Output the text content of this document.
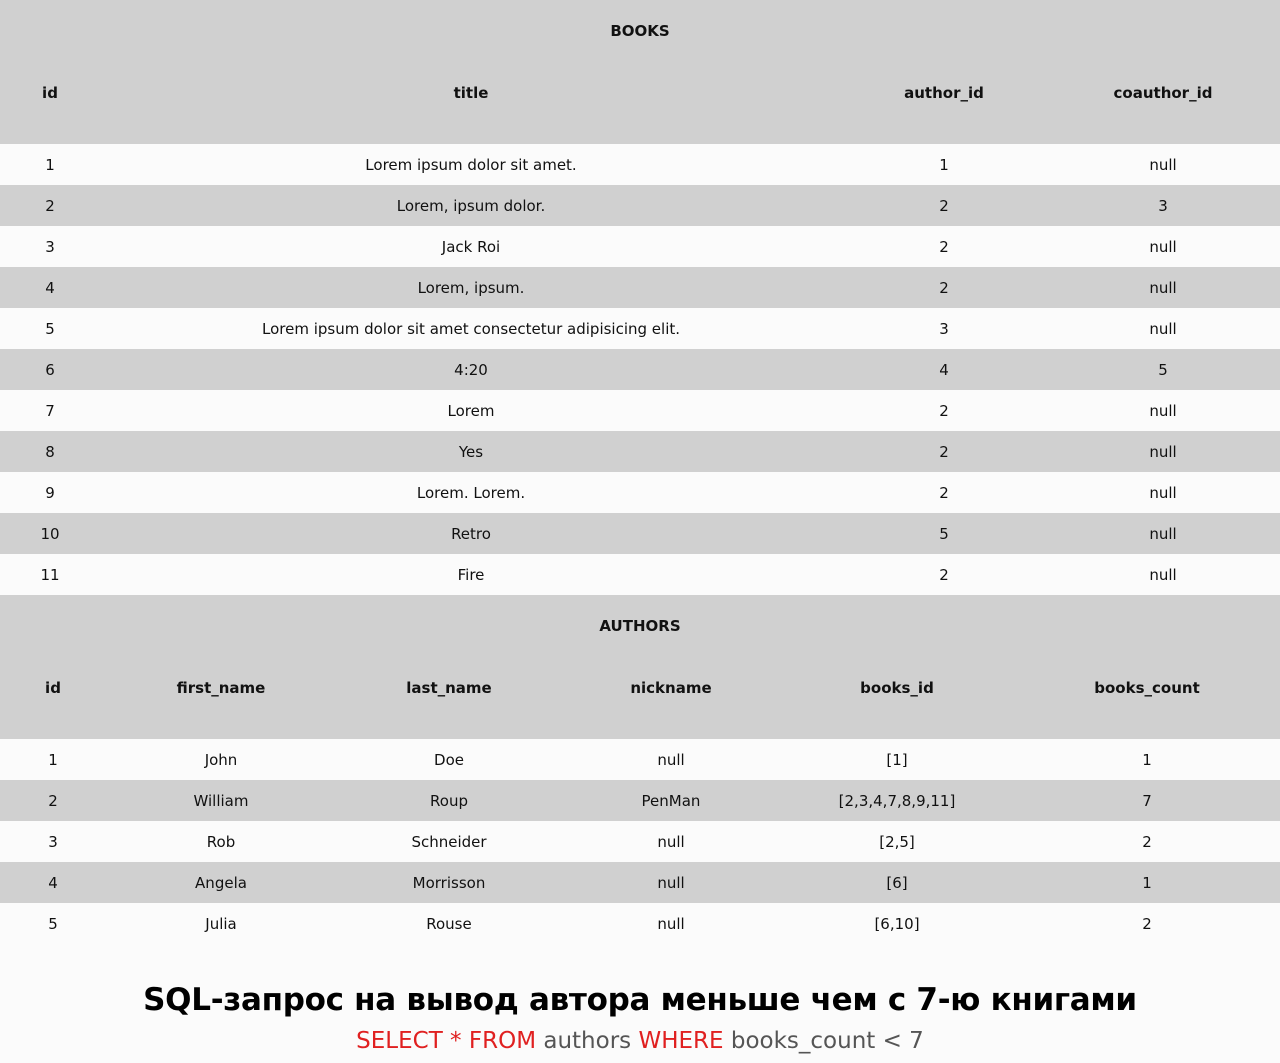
BOOKS			
id	title	author_id	coauthor_id
1	Lorem ipsum dolor sit amet.	1	null
2	Lorem, ipsum dolor.	2	3
3	Jack Roi	2	null
4	Lorem, ipsum.	2	null
5	Lorem ipsum dolor sit amet consectetur adipisicing elit.	3	null
6	4:20	4	5
7	Lorem	2	null
8	Yes	2	null
9	Lorem. Lorem.	2	null
10	Retro	5	null
11	Fire	2	null
AUTHORS					
id	first_name	last_name	nickname	books_id	books_count
1	John	Doe	null	[1]	1
2	William	Roup	PenMan	[2,3,4,7,8,9,11]	7
3	Rob	Schneider	null	[2,5]	2
4	Angela	Morrisson	null	[6]	1
5	Julia	Rouse	null	[6,10]	2
SQL-запрос на вывод автора меньше чем с 7-ю книгами
SELECT * FROM authors WHERE books_count < 7
